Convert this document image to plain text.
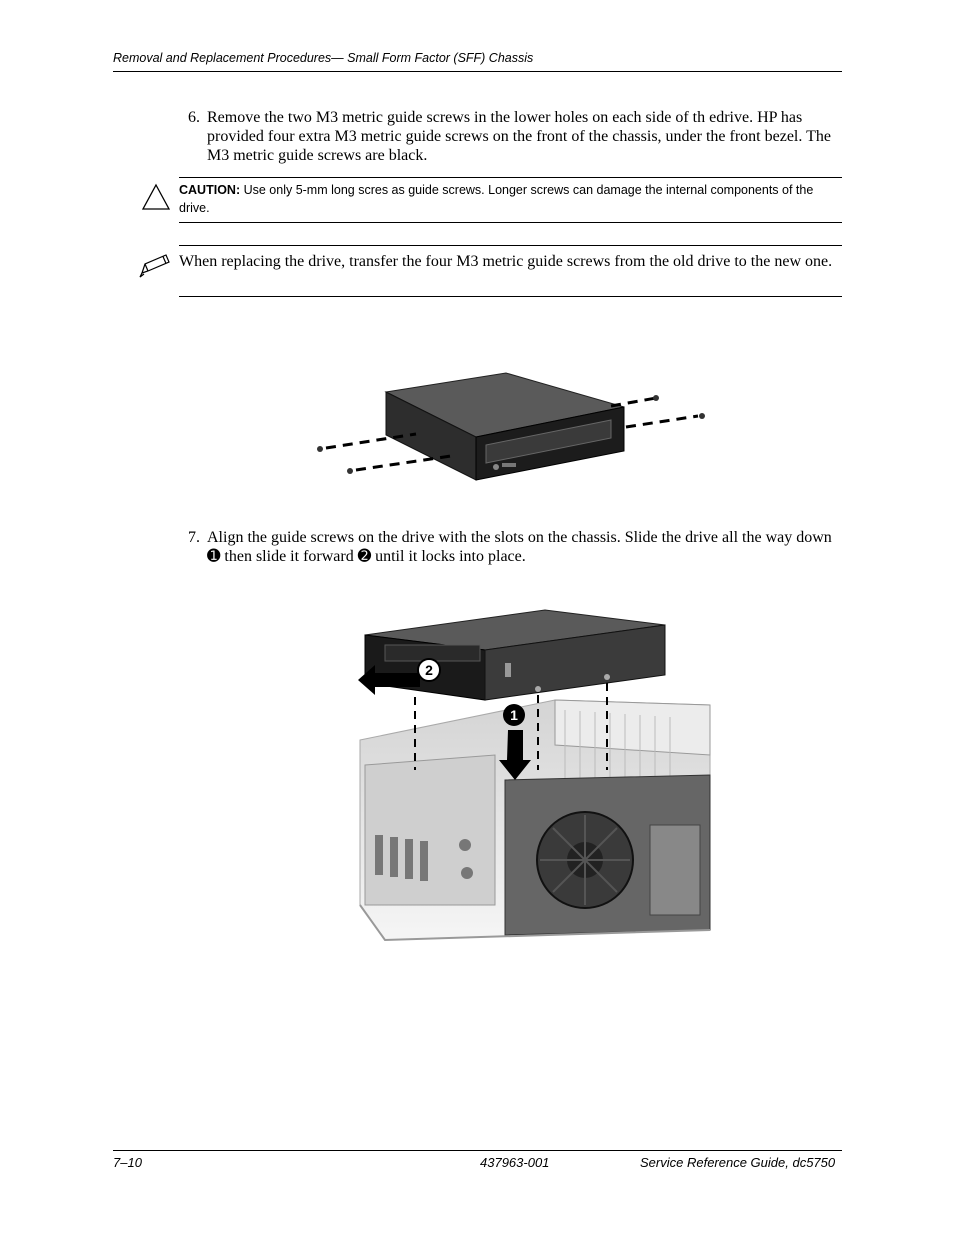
Removal and Replacement Procedures— Small Form Factor (SFF) Chassis
6. Remove the two M3 metric guide screws in the lower holes on each side of th edrive. HP has provided four extra M3 metric guide screws on the front of the chassis, under the front bezel. The M3 metric guide screws are black.
CAUTION: Use only 5-mm long scres as guide screws. Longer screws can damage the internal components of the drive.
When replacing the drive, transfer the four M3 metric guide screws from the old drive to the new one.
7. Align the guide screws on the drive with the slots on the chassis. Slide the drive all the way down ➊ then slide it forward ➋ until it locks into place.
2
1
7–10	437963-001	Service Reference Guide, dc5750
